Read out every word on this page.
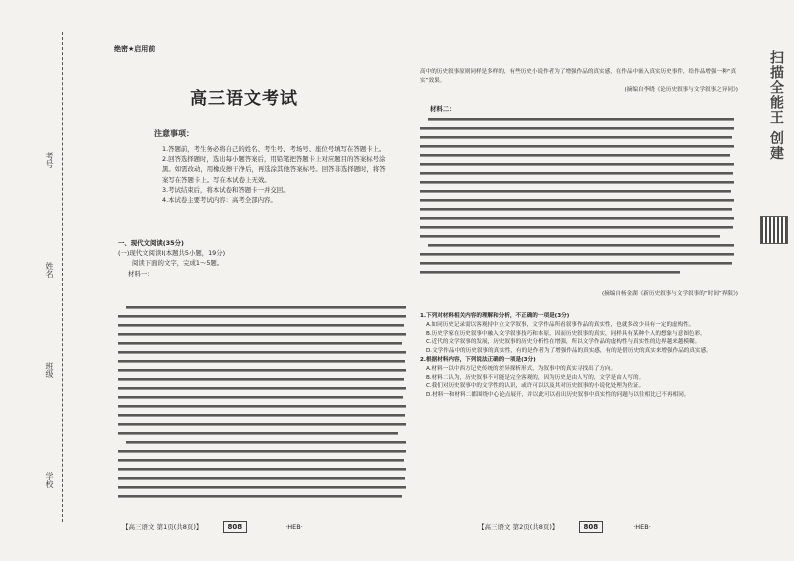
考号
姓名
班级
学校
绝密★启用前
高三语文考试
注意事项：

1.答题前，考生务必将自己的姓名、考生号、考场号、座位号填写在答题卡上。

2.回答选择题时，选出每小题答案后，用铅笔把答题卡上对应题目的答案标号涂黑。如需改动，用橡皮擦干净后，再选涂其他答案标号。回答非选择题时，将答案写在答题卡上。写在本试卷上无效。

3.考试结束后，将本试卷和答题卡一并交回。

4.本试卷主要考试内容：高考全部内容。

一、现代文阅读(35分)

(一)现代文阅读Ⅰ(本题共5小题，19分)

阅读下面的文字，完成1～5题。

材料一：

高中的历史叙事原则同样是多样的，有些历史小说作者为了增强作品的真实感，在作品中嵌入真实历史事件，给作品增强一种“真实”效果。

(摘编自李晓《论历史叙事与文学叙事之异同》)

材料二：

(摘编自杨金湖《新历史叙事与文学叙事的“时间”界限》)

1.下列对材料相关内容的理解和分析，不正确的一项是(3分)

A.如同历史记录需以客观持中立文学叙事，文学作品所看叙事作品的真实性，也就多改少具有一定的虚构性。

B.历史学家在历史叙事中融入文学叙事技巧和本原，因而历史叙事的真实，同样具有某种个人的想象与意图色彩。

C.近代的文学叙事的发展，历史叙事的历史分析性在增强，所以文学作品的虚构性与真实性的边界越来越模糊。

D.文学作品中的历史叙事的真实性，有的是作者为了增强作品的真实感，有的是借历史的真实来增强作品的真实感。

2.根据材料内容，下列说法正确的一项是(3分)

A.材料一以中西方记史传统的差异探析形式，为叙事中的真实寻找出了方向。

B.材料二认为，历史叙事不可能是完全客观的，因为历史是由人写的，文学是由人写的。

C.我们对历史叙事中的文学性的认识，或许可以以及其对历史叙事的小说化处理为佐证。

D.材料一和材料二都围绕中心论点展开，并以此可以看出历史叙事中真实性的问题与以往相比已不再相同。

【高三语文 第1页(共8页)】	808	·HEB·	【高三语文 第2页(共8页)】	808	·HEB·
扫描全能王 创建
